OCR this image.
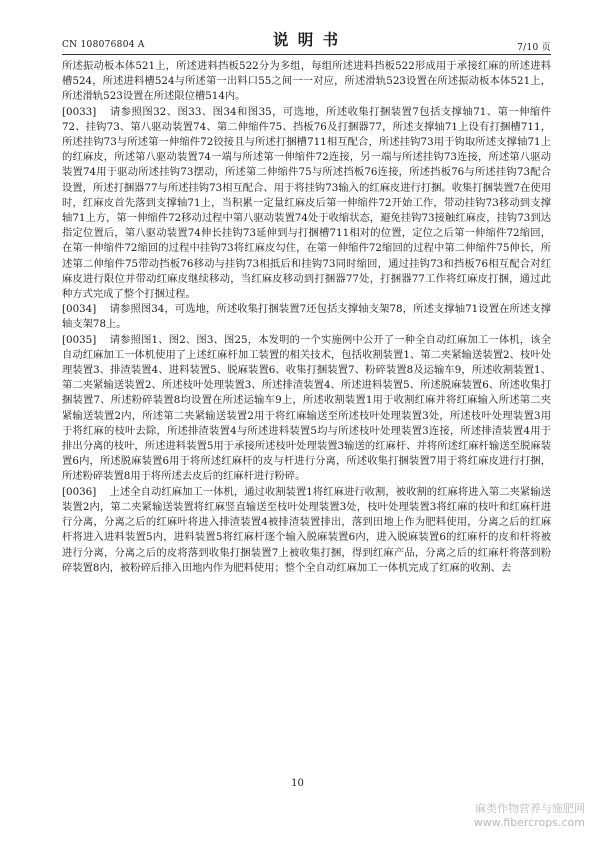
CN 108076804 A	说 明 书	7/10 页

所述振动板本体521上，所述进料挡板522分为多组，每组所述进料挡板522形成用于承接红麻的所述进料槽524，所述进料槽524与所述第一出料口55之间一一对应，所述滑轨523设置在所述振动板本体521上，所述滑轨523设置在所述限位槽514内。

[0033] 请参照图32、图33、图34和图35，可选地，所述收集打捆装置7包括支撑轴71、第一伸缩件72、挂钩73、第八驱动装置74、第二伸缩件75、挡板76及打捆器77，所述支撑轴71上设有打捆槽711，所述挂钩73与所述第一伸缩件72铰接且与所述打捆槽711相互配合，所述挂钩73用于钩取所述支撑轴71上的红麻皮，所述第八驱动装置74一端与所述第一伸缩件72连接，另一端与所述挂钩73连接，所述第八驱动装置74用于驱动所述挂钩73摆动，所述第二伸缩件75与所述挡板76连接，所述挡板76与所述挂钩73配合设置，所述打捆器77与所述挂钩73相互配合、用于将挂钩73输入的红麻皮进行打捆。收集打捆装置7在使用时，红麻皮首先落到支撑轴71上，当积累一定量红麻皮后第一伸缩件72开始工作，带动挂钩73移动到支撑轴71上方，第一伸缩件72移动过程中第八驱动装置74处于收缩状态，避免挂钩73接触红麻皮，挂钩73到达指定位置后，第八驱动装置74伸长挂钩73延伸到与打捆槽711相对的位置，定位之后第一伸缩件72缩回，在第一伸缩件72缩回的过程中挂钩73将红麻皮勾住，在第一伸缩件72缩回的过程中第二伸缩件75伸长，所述第二伸缩件75带动挡板76移动与挂钩73相抵后和挂钩73同时缩回，通过挂钩73和挡板76相互配合对红麻皮进行限位并带动红麻皮继续移动，当红麻皮移动到打捆器77处，打捆器77工作将红麻皮打捆，通过此种方式完成了整个打捆过程。

[0034] 请参照图34，可选地，所述收集打捆装置7还包括支撑轴支架78，所述支撑轴71设置在所述支撑轴支架78上。

[0035] 请参照图1、图2、图3、图25，本发明的一个实施例中公开了一种全自动红麻加工一体机，该全自动红麻加工一体机使用了上述红麻杆加工装置的相关技术，包括收割装置1、第二夹紧输送装置2、枝叶处理装置3、排渣装置4、进料装置5、脱麻装置6、收集打捆装置7、粉碎装置8及运输车9，所述收割装置1、第二夹紧输送装置2、所述枝叶处理装置3、所述排渣装置4、所述进料装置5、所述脱麻装置6、所述收集打捆装置7、所述粉碎装置8均设置在所述运输车9上，所述收割装置1用于收割红麻并将红麻输入所述第二夹紧输送装置2内，所述第二夹紧输送装置2用于将红麻输送至所述枝叶处理装置3处，所述枝叶处理装置3用于将红麻的枝叶去除，所述排渣装置4与所述进料装置5均与所述枝叶处理装置3连接，所述排渣装置4用于排出分离的枝叶，所述进料装置5用于承接所述枝叶处理装置3输送的红麻杆、并将所述红麻杆输送至脱麻装置6内，所述脱麻装置6用于将所述红麻杆的皮与杆进行分离，所述收集打捆装置7用于将红麻皮进行打捆，所述粉碎装置8用于将所述去皮后的红麻杆进行粉碎。

[0036] 上述全自动红麻加工一体机，通过收割装置1将红麻进行收割，被收割的红麻将进入第二夹紧输送装置2内，第二夹紧输送装置将红麻竖直输送至枝叶处理装置3处，枝叶处理装置3将红麻的枝叶和红麻杆进行分离，分离之后的红麻叶将进入排渣装置4被排渣装置排出，落到田地上作为肥料使用，分离之后的红麻杆将进入进料装置5内，进料装置5将红麻杆逐个输入脱麻装置6内，进入脱麻装置6的红麻杆的皮和杆将被进行分离，分离之后的皮将落到收集打捆装置7上被收集打捆，得到红麻产品，分离之后的红麻杆将落到粉碎装置8内，被粉碎后排入田地内作为肥料使用；整个全自动红麻加工一体机完成了红麻的收割、去

10
麻类作物营养与施肥网
www.fibercrops.com
